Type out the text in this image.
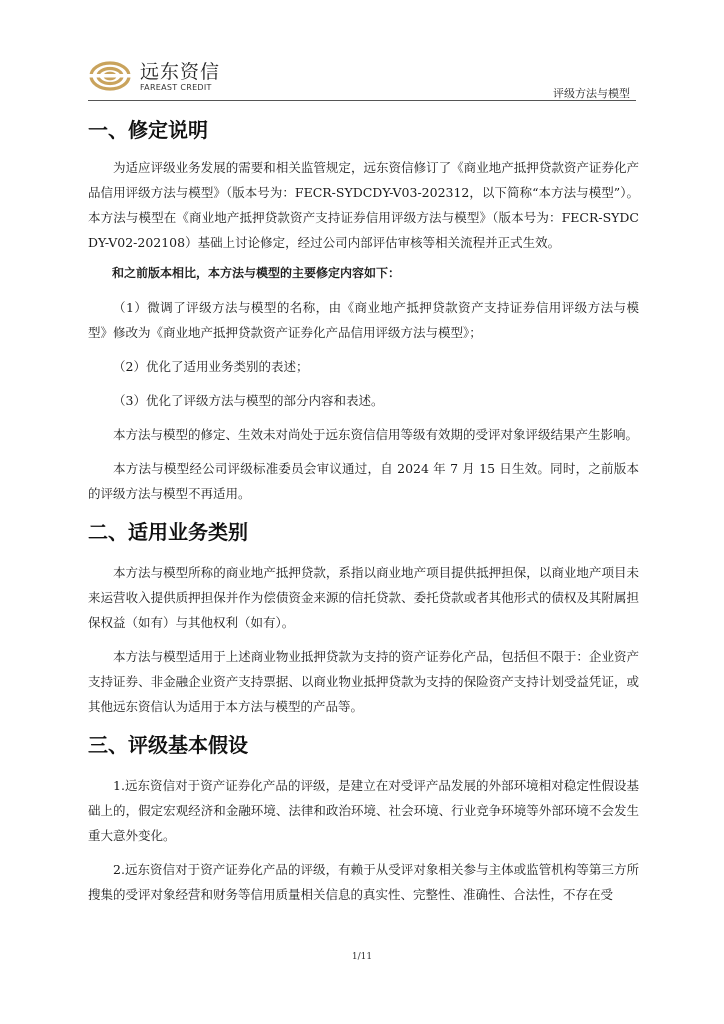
远东资信
FAREAST CREDIT	评级方法与模型
一、修定说明

为适应评级业务发展的需要和相关监管规定，远东资信修订了《商业地产抵押贷款资产证券化产品信用评级方法与模型》（版本号为：FECR-SYDCDY-V03-202312，以下简称“本方法与模型”）。本方法与模型在《商业地产抵押贷款资产支持证券信用评级方法与模型》（版本号为：FECR-SYDCDY-V02-202108）基础上讨论修定，经过公司内部评估审核等相关流程并正式生效。

和之前版本相比，本方法与模型的主要修定内容如下：

（1）微调了评级方法与模型的名称，由《商业地产抵押贷款资产支持证券信用评级方法与模型》修改为《商业地产抵押贷款资产证券化产品信用评级方法与模型》；

（2）优化了适用业务类别的表述；

（3）优化了评级方法与模型的部分内容和表述。

本方法与模型的修定、生效未对尚处于远东资信信用等级有效期的受评对象评级结果产生影响。

本方法与模型经公司评级标准委员会审议通过，自 2024 年 7 月 15 日生效。同时，之前版本的评级方法与模型不再适用。

二、适用业务类别

本方法与模型所称的商业地产抵押贷款，系指以商业地产项目提供抵押担保，以商业地产项目未来运营收入提供质押担保并作为偿债资金来源的信托贷款、委托贷款或者其他形式的债权及其附属担保权益（如有）与其他权利（如有）。

本方法与模型适用于上述商业物业抵押贷款为支持的资产证券化产品，包括但不限于：企业资产支持证券、非金融企业资产支持票据、以商业物业抵押贷款为支持的保险资产支持计划受益凭证，或其他远东资信认为适用于本方法与模型的产品等。

三、评级基本假设

1.远东资信对于资产证券化产品的评级，是建立在对受评产品发展的外部环境相对稳定性假设基础上的，假定宏观经济和金融环境、法律和政治环境、社会环境、行业竞争环境等外部环境不会发生重大意外变化。

2.远东资信对于资产证券化产品的评级，有赖于从受评对象相关参与主体或监管机构等第三方所搜集的受评对象经营和财务等信用质量相关信息的真实性、完整性、准确性、合法性，不存在受

1/11
